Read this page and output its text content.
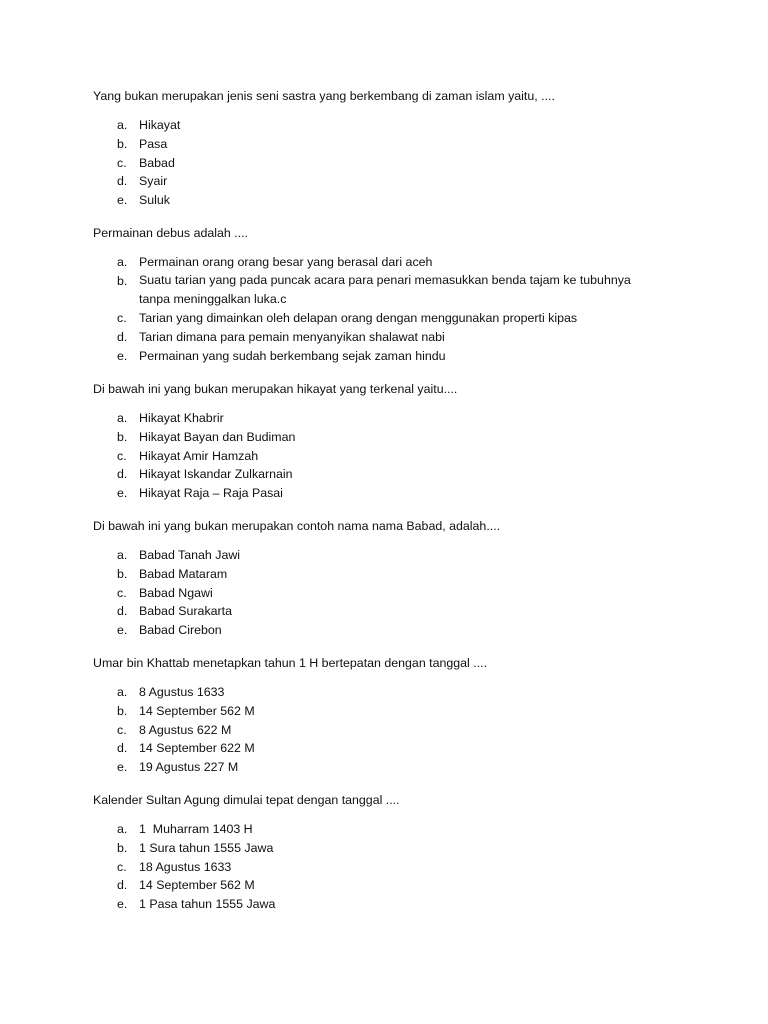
Yang bukan merupakan jenis seni sastra yang berkembang di zaman islam yaitu, ....
a. Hikayat
b. Pasa
c. Babad
d. Syair
e. Suluk
Permainan debus adalah ....
a. Permainan orang orang besar yang berasal dari aceh
b. Suatu tarian yang pada puncak acara para penari memasukkan benda tajam ke tubuhnya tanpa meninggalkan luka.c
c. Tarian yang dimainkan oleh delapan orang dengan menggunakan properti kipas
d. Tarian dimana para pemain menyanyikan shalawat nabi
e. Permainan yang sudah berkembang sejak zaman hindu
Di bawah ini yang bukan merupakan hikayat yang terkenal yaitu....
a. Hikayat Khabrir
b. Hikayat Bayan dan Budiman
c. Hikayat Amir Hamzah
d. Hikayat Iskandar Zulkarnain
e. Hikayat Raja – Raja Pasai
Di bawah ini yang bukan merupakan contoh nama nama Babad, adalah....
a. Babad Tanah Jawi
b. Babad Mataram
c. Babad Ngawi
d. Babad Surakarta
e. Babad Cirebon
Umar bin Khattab menetapkan tahun 1 H bertepatan dengan tanggal ....
a. 8 Agustus 1633
b. 14 September 562 M
c. 8 Agustus 622 M
d. 14 September 622 M
e. 19 Agustus 227 M
Kalender Sultan Agung dimulai tepat dengan tanggal ....
a. 1  Muharram 1403 H
b. 1 Sura tahun 1555 Jawa
c. 18 Agustus 1633
d. 14 September 562 M
e. 1 Pasa tahun 1555 Jawa
